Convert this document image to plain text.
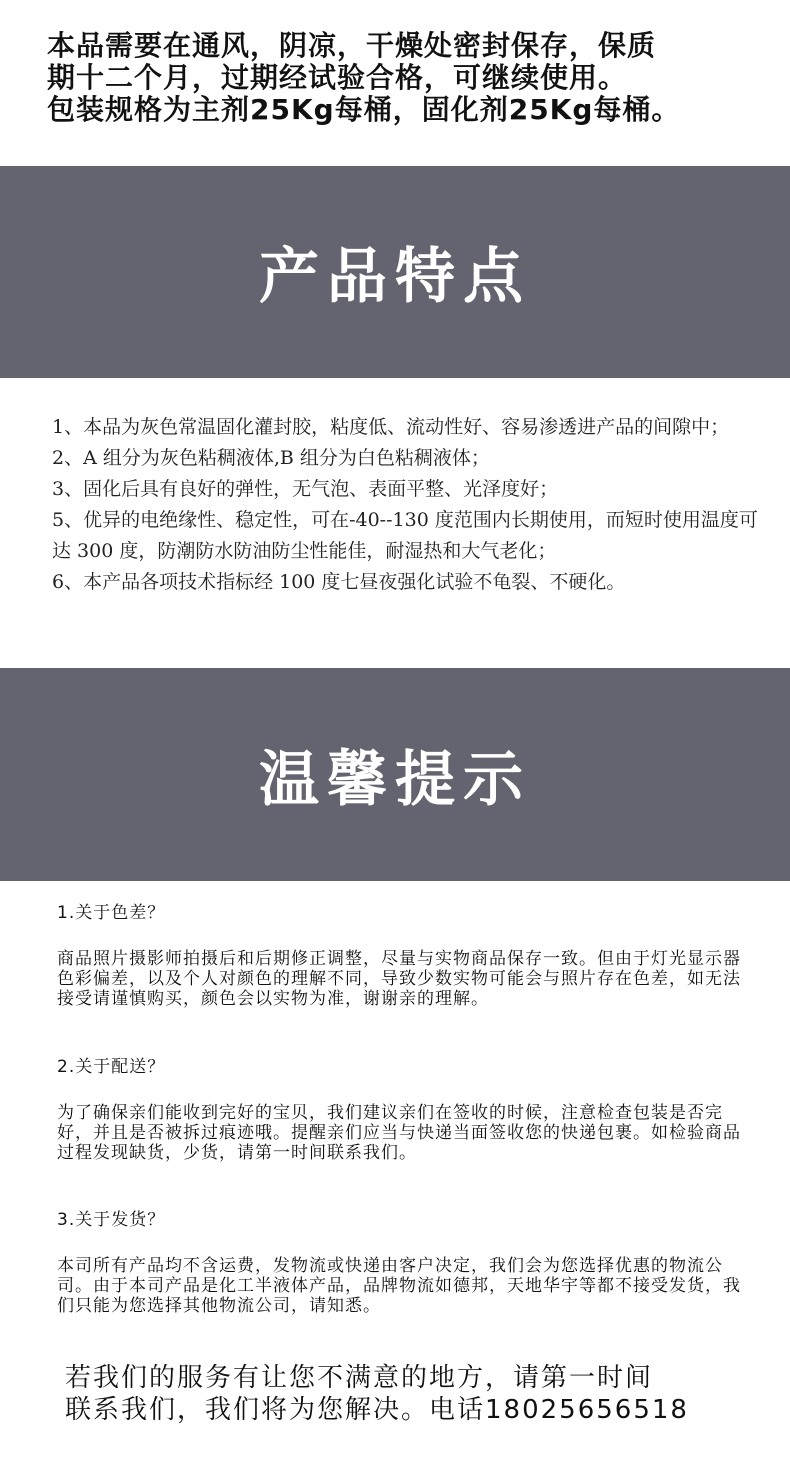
本品需要在通风，阴凉，干燥处密封保存，保质
期十二个月，过期经试验合格，可继续使用。
包装规格为主剂25Kg每桶，固化剂25Kg每桶。
产品特点
1、本品为灰色常温固化灌封胶，粘度低、流动性好、容易渗透进产品的间隙中；
2、A 组分为灰色粘稠液体,B 组分为白色粘稠液体；
3、固化后具有良好的弹性，无气泡、表面平整、光泽度好；
5、优异的电绝缘性、稳定性，可在-40--130 度范围内长期使用，而短时使用温度可达 300 度，防潮防水防油防尘性能佳，耐湿热和大气老化；
6、本产品各项技术指标经 100 度七昼夜强化试验不龟裂、不硬化。
温馨提示

1.关于色差？

商品照片摄影师拍摄后和后期修正调整，尽量与实物商品保存一致。但由于灯光显示器色彩偏差，以及个人对颜色的理解不同，导致少数实物可能会与照片存在色差，如无法接受请谨慎购买，颜色会以实物为准，谢谢亲的理解。

2.关于配送？

为了确保亲们能收到完好的宝贝，我们建议亲们在签收的时候，注意检查包装是否完好，并且是否被拆过痕迹哦。提醒亲们应当与快递当面签收您的快递包裹。如检验商品过程发现缺货，少货，请第一时间联系我们。

3.关于发货？

本司所有产品均不含运费，发物流或快递由客户决定，我们会为您选择优惠的物流公司。由于本司产品是化工半液体产品，品牌物流如德邦，天地华宇等都不接受发货，我们只能为您选择其他物流公司，请知悉。

若我们的服务有让您不满意的地方，请第一时间
联系我们，我们将为您解决。电话18025656518
